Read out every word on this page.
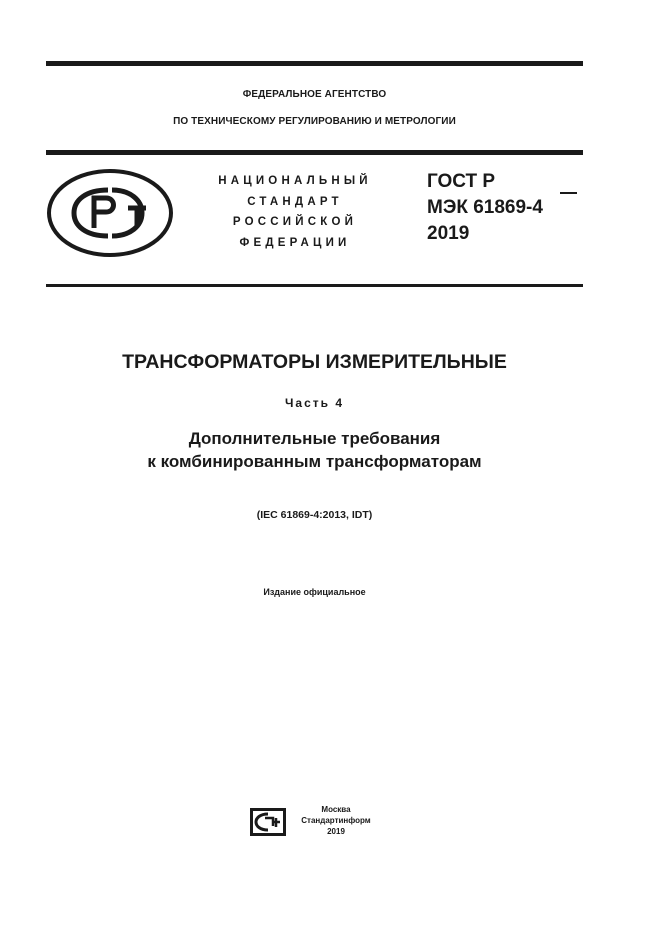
ФЕДЕРАЛЬНОЕ АГЕНТСТВО
ПО ТЕХНИЧЕСКОМУ РЕГУЛИРОВАНИЮ И МЕТРОЛОГИИ
НАЦИОНАЛЬНЫЙ
СТАНДАРТ
РОССИЙСКОЙ
ФЕДЕРАЦИИ
ГОСТ Р
МЭК 61869-4
2019
ТРАНСФОРМАТОРЫ ИЗМЕРИТЕЛЬНЫЕ
Часть 4
Дополнительные требования
к комбинированным трансформаторам
(IEC 61869-4:2013, IDT)
Издание официальное
Москва
Стандартинформ
2019
